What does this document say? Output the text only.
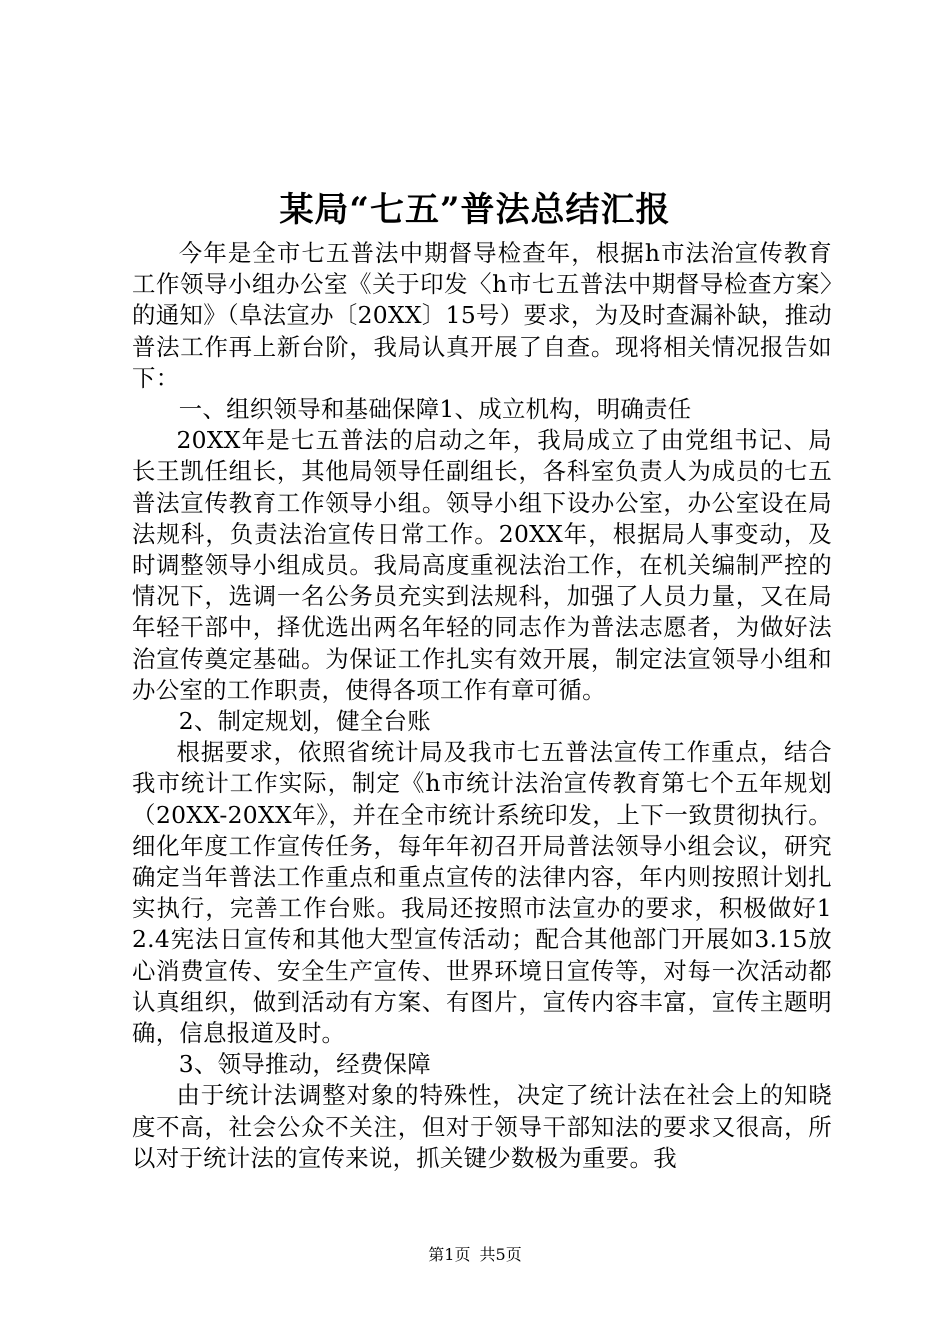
某局“七五”普法总结汇报

今年是全市七五普法中期督导检查年，根据h市法治宣传教育工作领导小组办公室《关于印发〈h市七五普法中期督导检查方案〉的通知》（阜法宣办〔20XX〕15号）要求，为及时查漏补缺，推动普法工作再上新台阶，我局认真开展了自查。现将相关情况报告如下：

一、组织领导和基础保障1、成立机构，明确责任

20XX年是七五普法的启动之年，我局成立了由党组书记、局长王凯任组长，其他局领导任副组长，各科室负责人为成员的七五普法宣传教育工作领导小组。领导小组下设办公室，办公室设在局法规科，负责法治宣传日常工作。20XX年，根据局人事变动，及时调整领导小组成员。我局高度重视法治工作，在机关编制严控的情况下，选调一名公务员充实到法规科，加强了人员力量，又在局年轻干部中，择优选出两名年轻的同志作为普法志愿者，为做好法治宣传奠定基础。为保证工作扎实有效开展，制定法宣领导小组和办公室的工作职责，使得各项工作有章可循。

2、制定规划，健全台账

根据要求，依照省统计局及我市七五普法宣传工作重点，结合我市统计工作实际，制定《h市统计法治宣传教育第七个五年规划（20XX-20XX年》，并在全市统计系统印发，上下一致贯彻执行。细化年度工作宣传任务，每年年初召开局普法领导小组会议，研究确定当年普法工作重点和重点宣传的法律内容，年内则按照计划扎实执行，完善工作台账。我局还按照市法宣办的要求，积极做好12.4宪法日宣传和其他大型宣传活动；配合其他部门开展如3.15放心消费宣传、安全生产宣传、世界环境日宣传等，对每一次活动都认真组织，做到活动有方案、有图片，宣传内容丰富，宣传主题明确，信息报道及时。

3、领导推动，经费保障

由于统计法调整对象的特殊性，决定了统计法在社会上的知晓度不高，社会公众不关注，但对于领导干部知法的要求又很高，所以对于统计法的宣传来说，抓关键少数极为重要。我

第1页 共5页
